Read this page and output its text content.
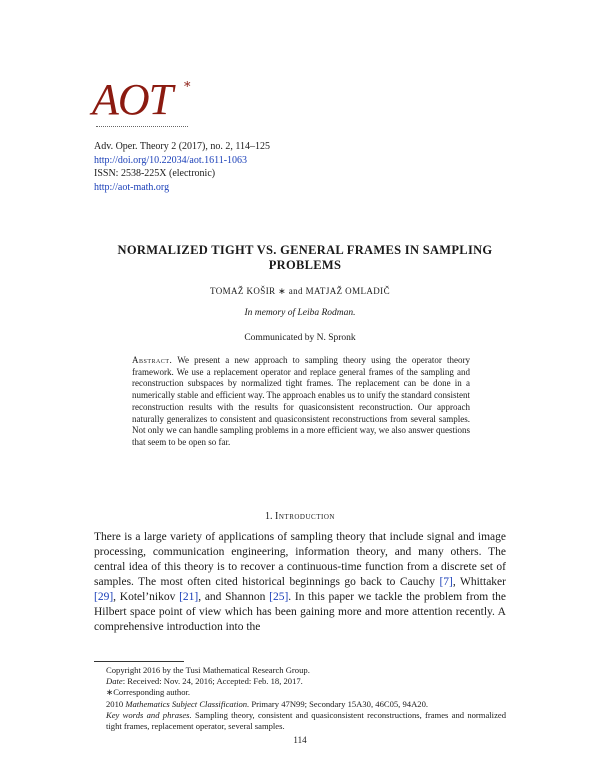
AOT *
Adv. Oper. Theory 2 (2017), no. 2, 114–125
http://doi.org/10.22034/aot.1611-1063
ISSN: 2538-225X (electronic)
http://aot-math.org
NORMALIZED TIGHT VS. GENERAL FRAMES IN SAMPLING PROBLEMS
TOMAŽ KOŠIR ∗ and MATJAŽ OMLADIČ
In memory of Leiba Rodman.
Communicated by N. Spronk
Abstract. We present a new approach to sampling theory using the operator theory framework. We use a replacement operator and replace general frames of the sampling and reconstruction subspaces by normalized tight frames. The replacement can be done in a numerically stable and efficient way. The approach enables us to unify the standard consistent reconstruction results with the results for quasiconsistent reconstruction. Our approach naturally generalizes to consistent and quasiconsistent reconstructions from several samples. Not only we can handle sampling problems in a more efficient way, we also answer questions that seem to be open so far.
1. Introduction
There is a large variety of applications of sampling theory that include signal and image processing, communication engineering, information theory, and many others. The central idea of this theory is to recover a continuous-time function from a discrete set of samples. The most often cited historical beginnings go back to Cauchy [7], Whittaker [29], Kotel’nikov [21], and Shannon [25]. In this paper we tackle the problem from the Hilbert space point of view which has been gaining more and more attention recently. A comprehensive introduction into the
Copyright 2016 by the Tusi Mathematical Research Group.
Date: Received: Nov. 24, 2016; Accepted: Feb. 18, 2017.
∗Corresponding author.
2010 Mathematics Subject Classification. Primary 47N99; Secondary 15A30, 46C05, 94A20.
Key words and phrases. Sampling theory, consistent and quasiconsistent reconstructions, frames and normalized tight frames, replacement operator, several samples.
114
